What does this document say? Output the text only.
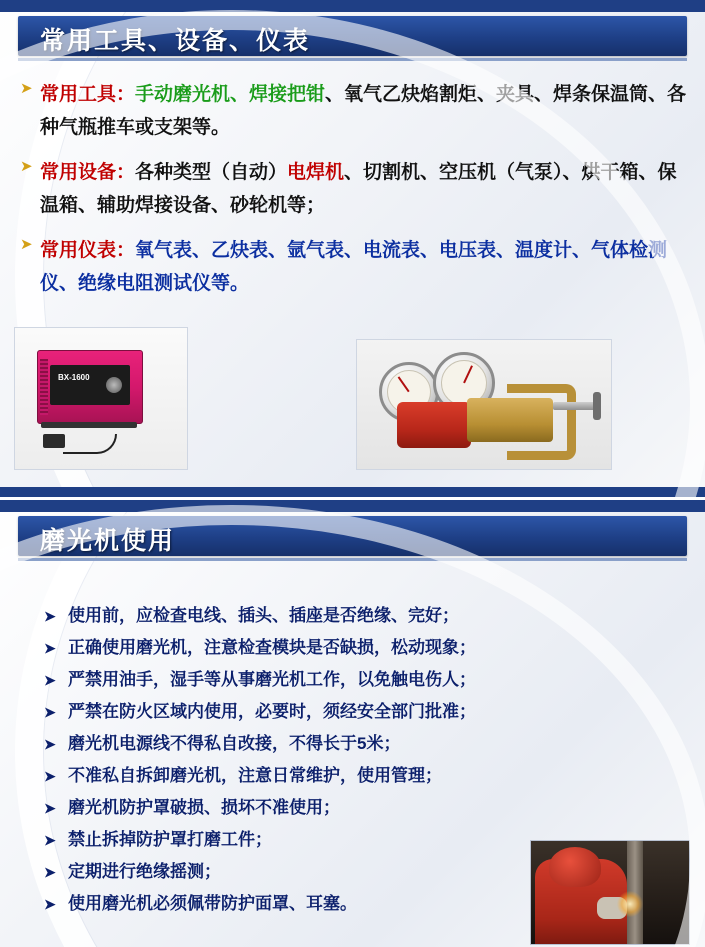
常用工具、设备、仪表
➤ 常用工具：手动磨光机、焊接把钳、氧气乙炔焰割炬、夹具、焊条保温筒、各种气瓶推车或支架等。
➤ 常用设备：各种类型（自动）电焊机、切割机、空压机（气泵）、烘干箱、保温箱、辅助焊接设备、砂轮机等；
➤ 常用仪表：氧气表、乙炔表、氩气表、电流表、电压表、温度计、气体检测仪、绝缘电阻测试仪等。
BX-1600
磨光机使用
➤ 使用前，应检查电线、插头、插座是否绝缘、完好；
➤ 正确使用磨光机，注意检查模块是否缺损，松动现象；
➤ 严禁用油手，湿手等从事磨光机工作，以免触电伤人；
➤ 严禁在防火区域内使用，必要时，须经安全部门批准；
➤ 磨光机电源线不得私自改接，不得长于5米；
➤ 不准私自拆卸磨光机，注意日常维护，使用管理；
➤ 磨光机防护罩破损、损坏不准使用；
➤ 禁止拆掉防护罩打磨工件；
➤ 定期进行绝缘摇测；
➤ 使用磨光机必须佩带防护面罩、耳塞。
